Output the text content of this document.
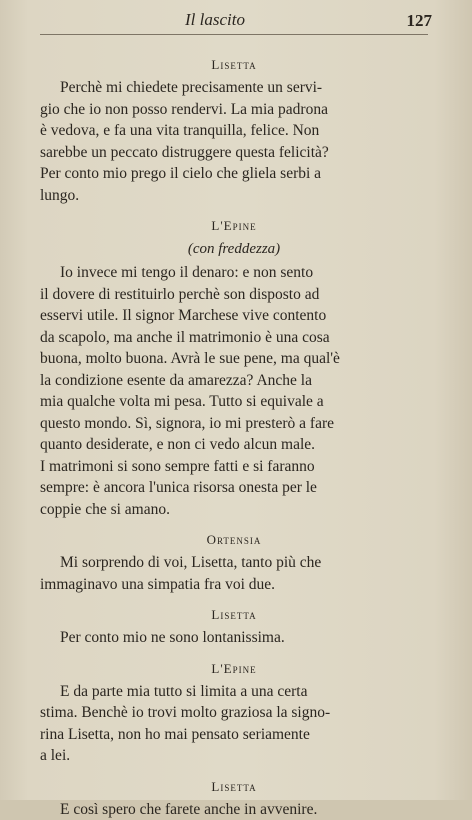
Il lascito	127
Lisetta
Perchè mi chiedete precisamente un servi-
gio che io non posso rendervi. La mia padrona
è vedova, e fa una vita tranquilla, felice. Non
sarebbe un peccato distruggere questa felicità?
Per conto mio prego il cielo che gliela serbi a
lungo.
L'Epine
(con freddezza)
Io invece mi tengo il denaro: e non sento
il dovere di restituirlo perchè son disposto ad
esservi utile. Il signor Marchese vive contento
da scapolo, ma anche il matrimonio è una cosa
buona, molto buona. Avrà le sue pene, ma qual'è
la condizione esente da amarezza? Anche la
mia qualche volta mi pesa. Tutto si equivale a
questo mondo. Sì, signora, io mi presterò a fare
quanto desiderate, e non ci vedo alcun male.
I matrimoni si sono sempre fatti e si faranno
sempre: è ancora l'unica risorsa onesta per le
coppie che si amano.
Ortensia
Mi sorprendo di voi, Lisetta, tanto più che
immaginavo una simpatia fra voi due.
Lisetta
Per conto mio ne sono lontanissima.
L'Epine
E da parte mia tutto si limita a una certa
stima. Benchè io trovi molto graziosa la signo-
rina Lisetta, non ho mai pensato seriamente
a lei.
Lisetta
E così spero che farete anche in avvenire.
